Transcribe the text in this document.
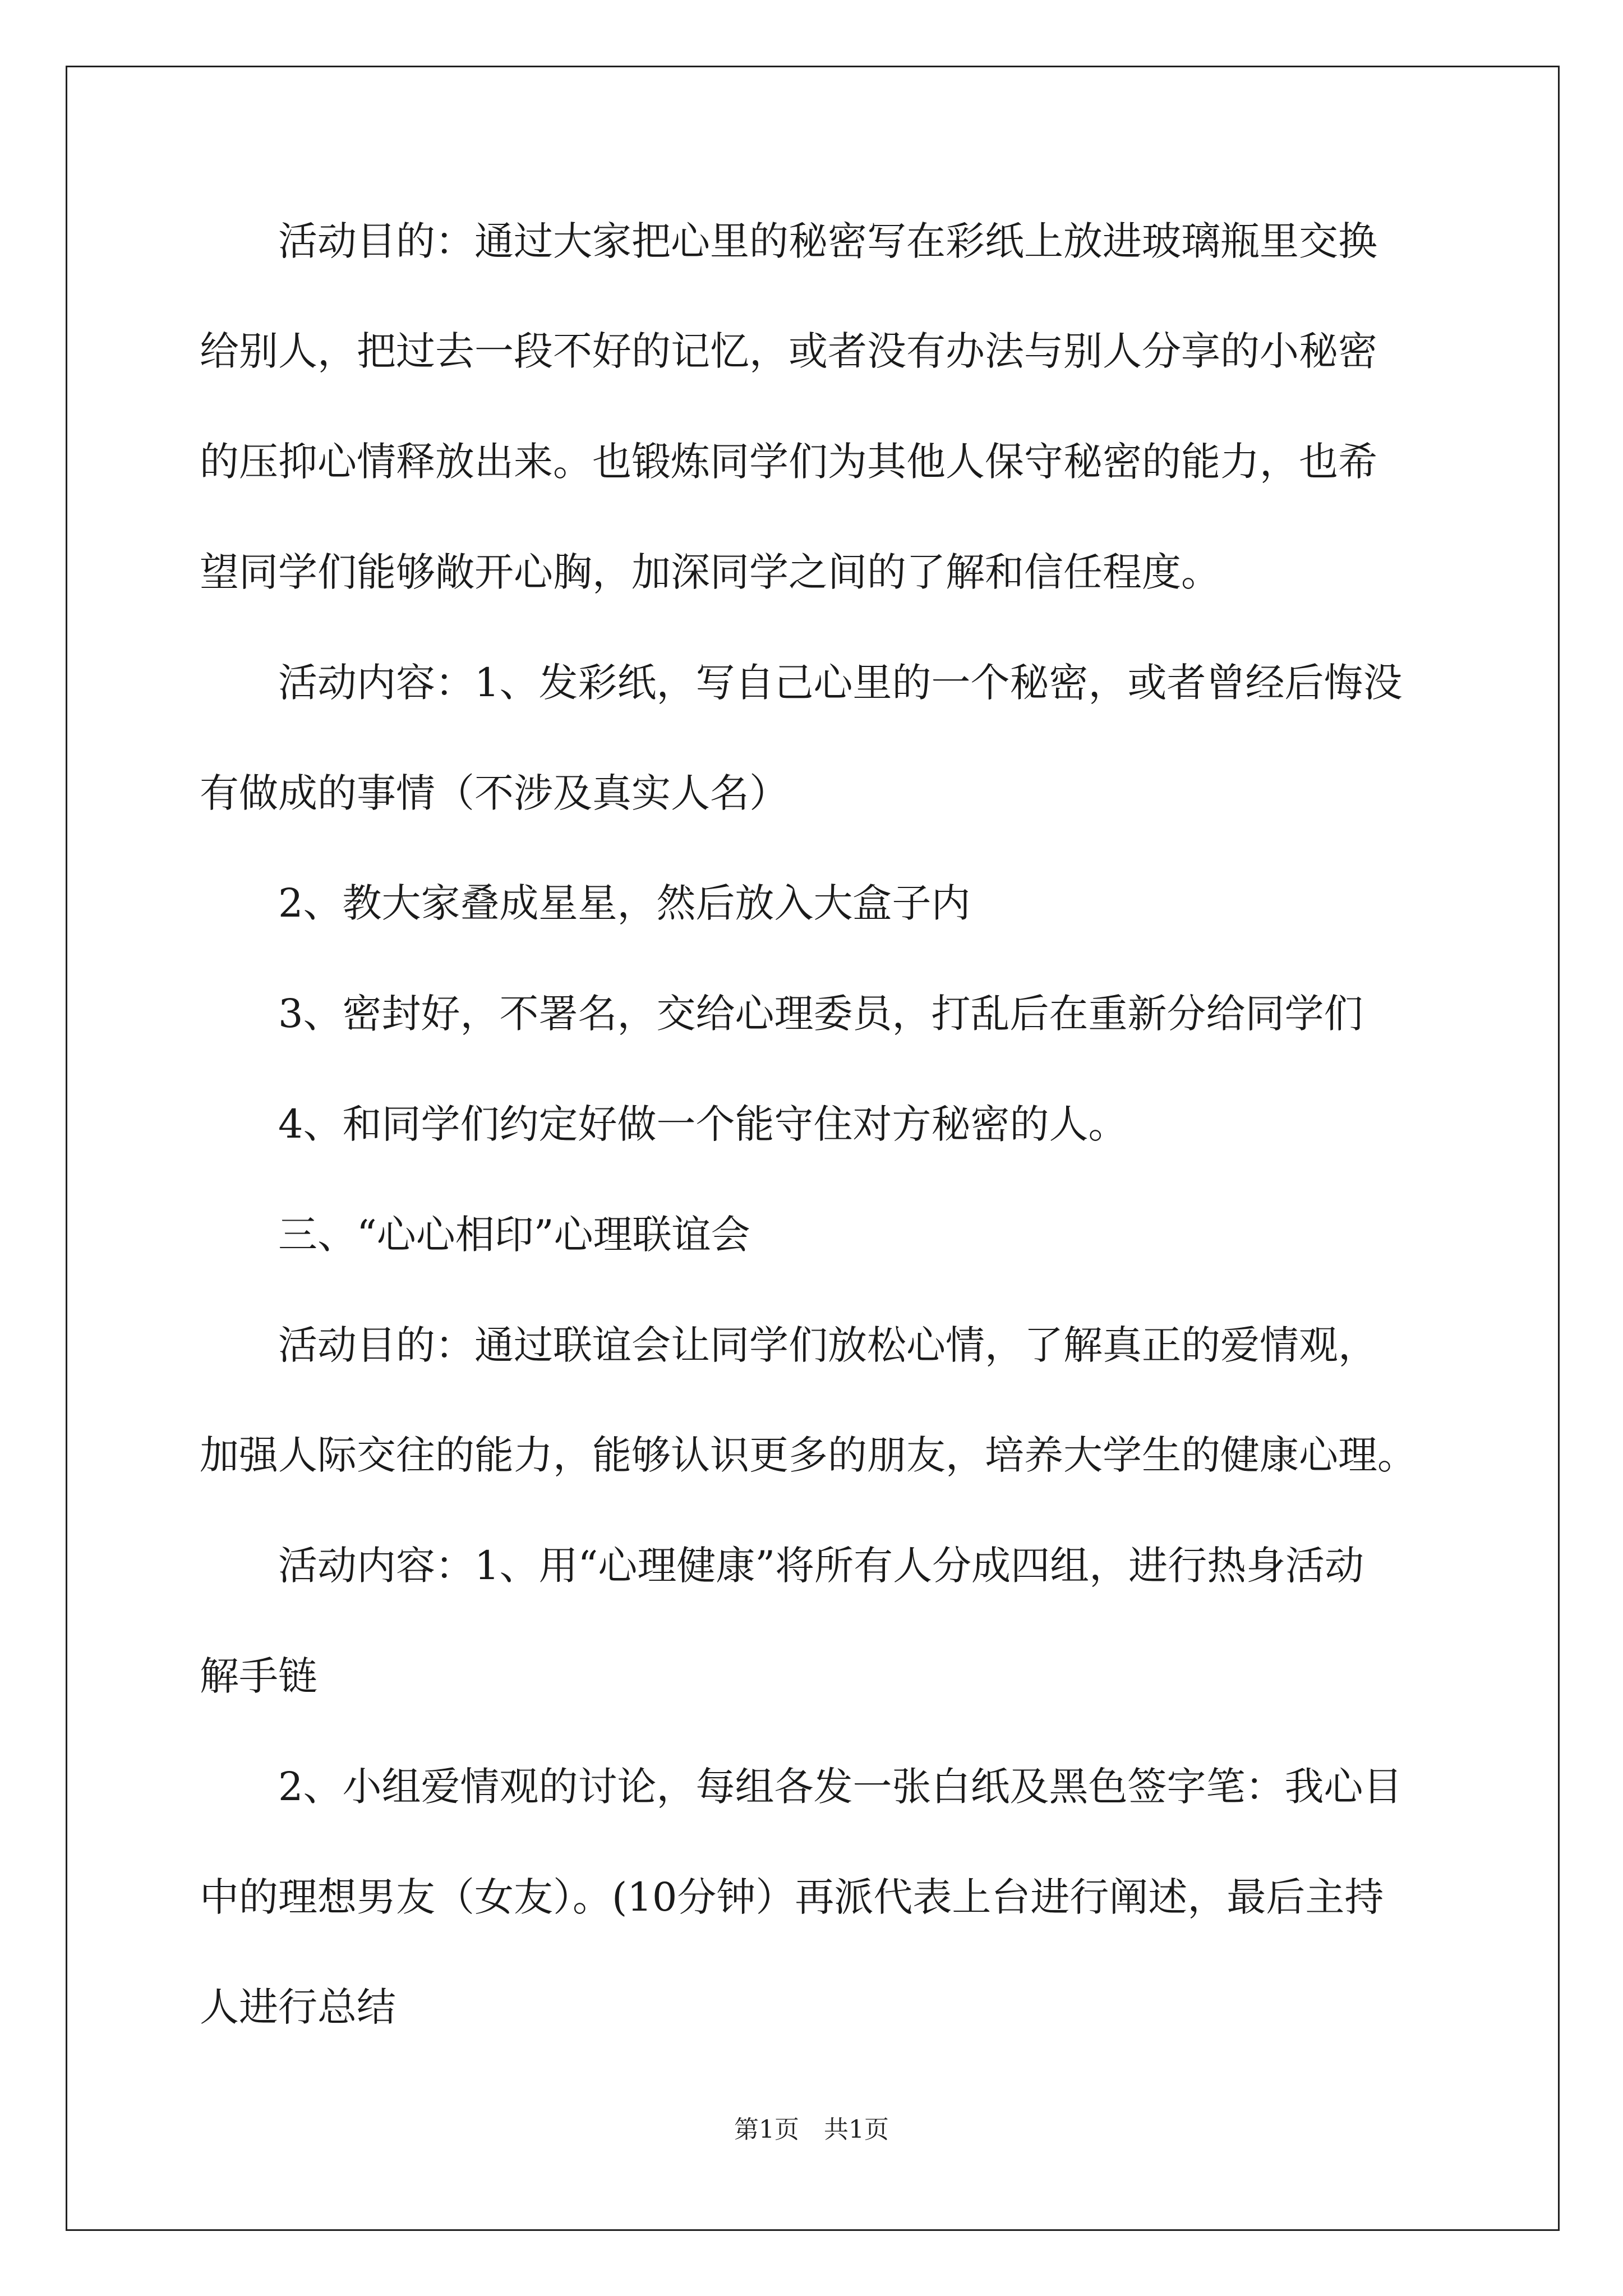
活动目的：通过大家把心里的秘密写在彩纸上放进玻璃瓶里交换
给别人，把过去一段不好的记忆，或者没有办法与别人分享的小秘密
的压抑心情释放出来。也锻炼同学们为其他人保守秘密的能力，也希
望同学们能够敞开心胸，加深同学之间的了解和信任程度。
活动内容：1、发彩纸，写自己心里的一个秘密，或者曾经后悔没
有做成的事情（不涉及真实人名）
2、教大家叠成星星，然后放入大盒子内
3、密封好，不署名，交给心理委员，打乱后在重新分给同学们
4、和同学们约定好做一个能守住对方秘密的人。
三、“心心相印”心理联谊会
活动目的：通过联谊会让同学们放松心情，了解真正的爱情观，
加强人际交往的能力，能够认识更多的朋友，培养大学生的健康心理。
活动内容：1、用“心理健康”将所有人分成四组，进行热身活动
解手链
2、小组爱情观的讨论，每组各发一张白纸及黑色签字笔：我心目
中的理想男友（女友）。(10分钟）再派代表上台进行阐述，最后主持
人进行总结
第1页　共1页
